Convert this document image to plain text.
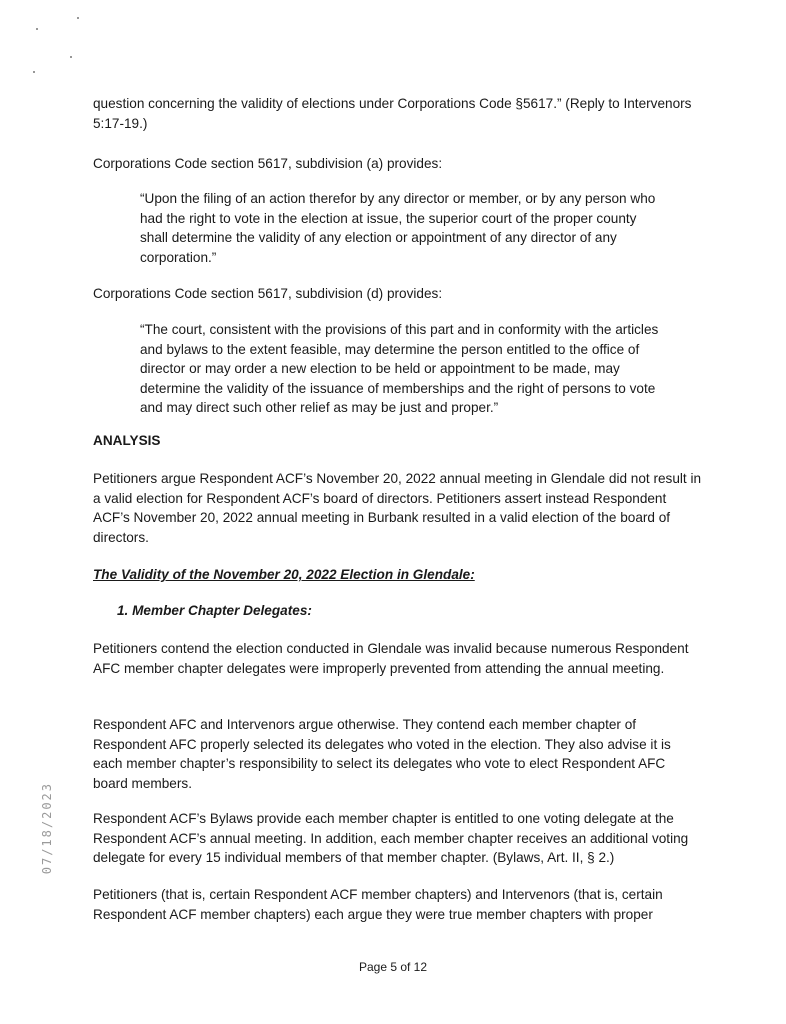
question concerning the validity of elections under Corporations Code §5617.” (Reply to Intervenors 5:17-19.)

Corporations Code section 5617, subdivision (a) provides:

“Upon the filing of an action therefor by any director or member, or by any person who had the right to vote in the election at issue, the superior court of the proper county shall determine the validity of any election or appointment of any director of any corporation.”

Corporations Code section 5617, subdivision (d) provides:

“The court, consistent with the provisions of this part and in conformity with the articles and bylaws to the extent feasible, may determine the person entitled to the office of director or may order a new election to be held or appointment to be made, may determine the validity of the issuance of memberships and the right of persons to vote and may direct such other relief as may be just and proper.”

ANALYSIS

Petitioners argue Respondent ACF’s November 20, 2022 annual meeting in Glendale did not result in a valid election for Respondent ACF’s board of directors. Petitioners assert instead Respondent ACF’s November 20, 2022 annual meeting in Burbank resulted in a valid election of the board of directors.

The Validity of the November 20, 2022 Election in Glendale:

1. Member Chapter Delegates:

Petitioners contend the election conducted in Glendale was invalid because numerous Respondent AFC member chapter delegates were improperly prevented from attending the annual meeting.

Respondent AFC and Intervenors argue otherwise. They contend each member chapter of Respondent AFC properly selected its delegates who voted in the election. They also advise it is each member chapter’s responsibility to select its delegates who vote to elect Respondent AFC board members.

Respondent ACF’s Bylaws provide each member chapter is entitled to one voting delegate at the Respondent ACF’s annual meeting. In addition, each member chapter receives an additional voting delegate for every 15 individual members of that member chapter. (Bylaws, Art. II, § 2.)

Petitioners (that is, certain Respondent ACF member chapters) and Intervenors (that is, certain Respondent ACF member chapters) each argue they were true member chapters with proper

07/18/2023

Page 5 of 12
